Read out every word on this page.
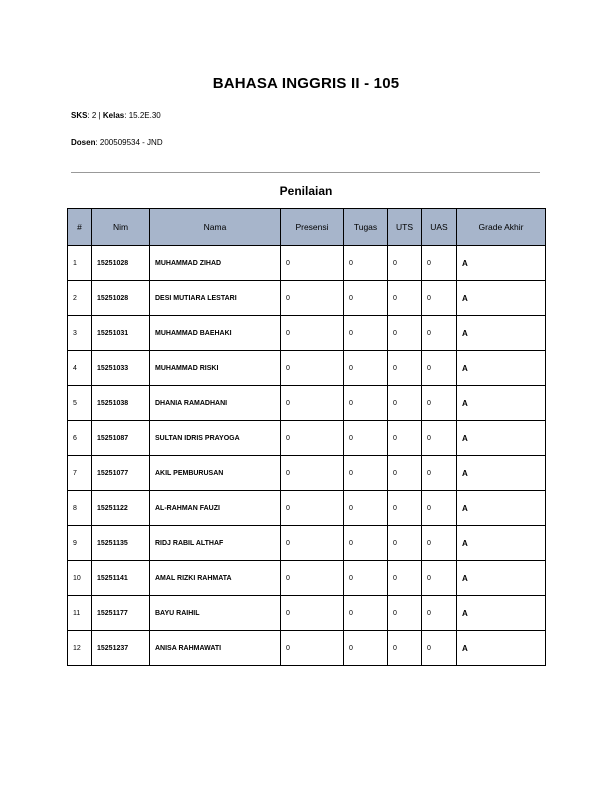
BAHASA INGGRIS II - 105
SKS: 2 | Kelas: 15.2E.30
Dosen: 200509534 - JND
Penilaian
#	Nim	Nama	Presensi	Tugas	UTS	UAS	Grade Akhir
1	15251028	MUHAMMAD ZIHAD	0	0	0	0	A
2	15251028	DESI MUTIARA LESTARI	0	0	0	0	A
3	15251031	MUHAMMAD BAEHAKI	0	0	0	0	A
4	15251033	MUHAMMAD RISKI	0	0	0	0	A
5	15251038	DHANIA RAMADHANI	0	0	0	0	A
6	15251087	SULTAN IDRIS PRAYOGA	0	0	0	0	A
7	15251077	AKIL PEMBURUSAN	0	0	0	0	A
8	15251122	AL-RAHMAN FAUZI	0	0	0	0	A
9	15251135	RIDJ RABIL ALTHAF	0	0	0	0	A
10	15251141	AMAL RIZKI RAHMATA	0	0	0	0	A
11	15251177	BAYU RAIHIL	0	0	0	0	A
12	15251237	ANISA RAHMAWATI	0	0	0	0	A
